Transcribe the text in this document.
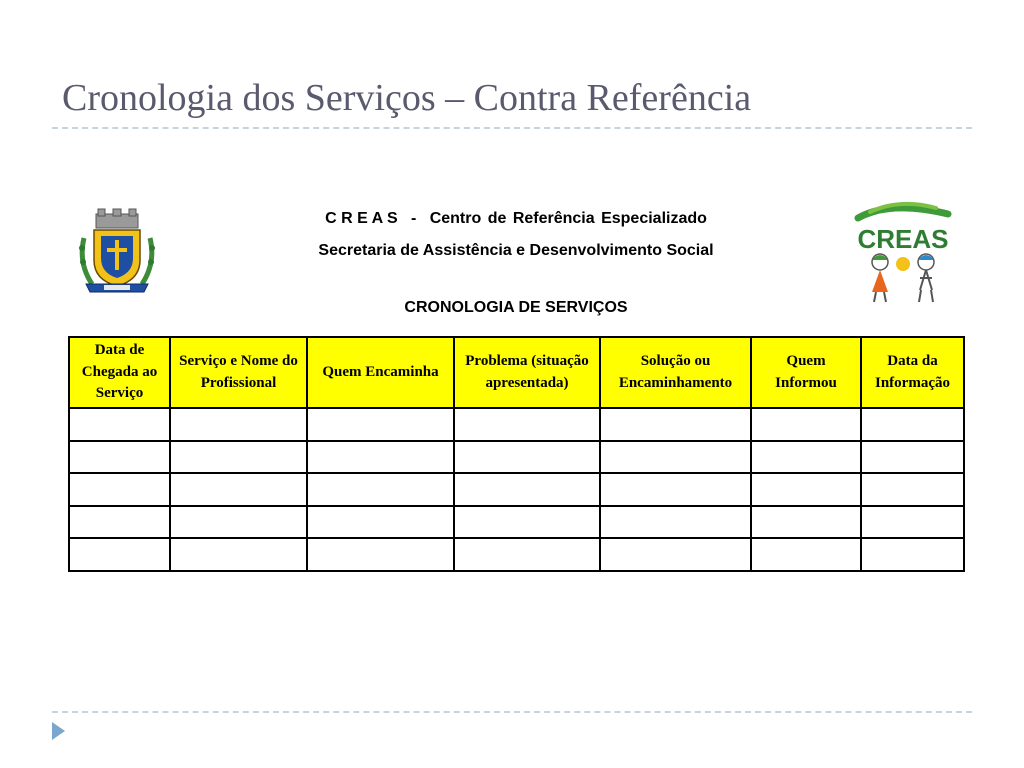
Cronologia dos Serviços – Contra Referência
C R E A S - Centro de Referência Especializado
Secretaria de Assistência e Desenvolvimento Social
CRONOLOGIA DE SERVIÇOS
CREAS
Data de Chegada ao Serviço	Serviço e Nome do Profissional	Quem Encaminha	Problema (situação apresentada)	Solução ou Encaminhamento	Quem Informou	Data da Informação
